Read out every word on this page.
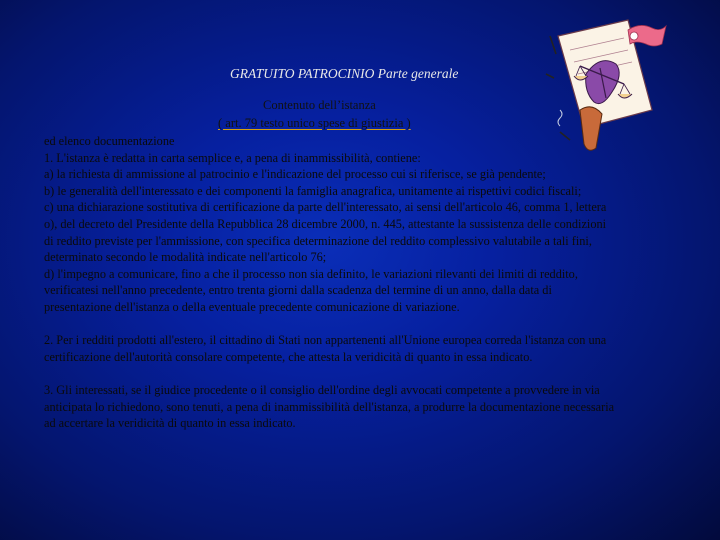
GRATUITO PATROCINIO Parte generale
Contenuto dell’istanza
( art. 79 testo unico spese di giustizia )

ed elenco documentazione

1. L'istanza è redatta in carta semplice e, a pena di inammissibilità, contiene:

a) la richiesta di ammissione al patrocinio e l'indicazione del processo cui si riferisce, se già pendente;

b) le generalità dell'interessato e dei componenti la famiglia anagrafica, unitamente ai rispettivi codici fiscali;

c) una dichiarazione sostitutiva di certificazione da parte dell'interessato, ai sensi dell'articolo 46, comma 1, lettera o), del decreto del Presidente della Repubblica 28 dicembre 2000, n. 445, attestante la sussistenza delle condizioni di reddito previste per l'ammissione, con specifica determinazione del reddito complessivo valutabile a tali fini, determinato secondo le modalità indicate nell'articolo 76;

d) l'impegno a comunicare, fino a che il processo non sia definito, le variazioni rilevanti dei limiti di reddito, verificatesi nell'anno precedente, entro trenta giorni dalla scadenza del termine di un anno, dalla data di presentazione dell'istanza o della eventuale precedente comunicazione di variazione.

2. Per i redditi prodotti all'estero, il cittadino di Stati non appartenenti all'Unione europea correda l'istanza con una certificazione dell'autorità consolare competente, che attesta la veridicità di quanto in essa indicato.

3. Gli interessati, se il giudice procedente o il consiglio dell'ordine degli avvocati competente a provvedere in via anticipata lo richiedono, sono tenuti, a pena di inammissibilità dell'istanza, a produrre la documentazione necessaria ad accertare la veridicità di quanto in essa indicato.
